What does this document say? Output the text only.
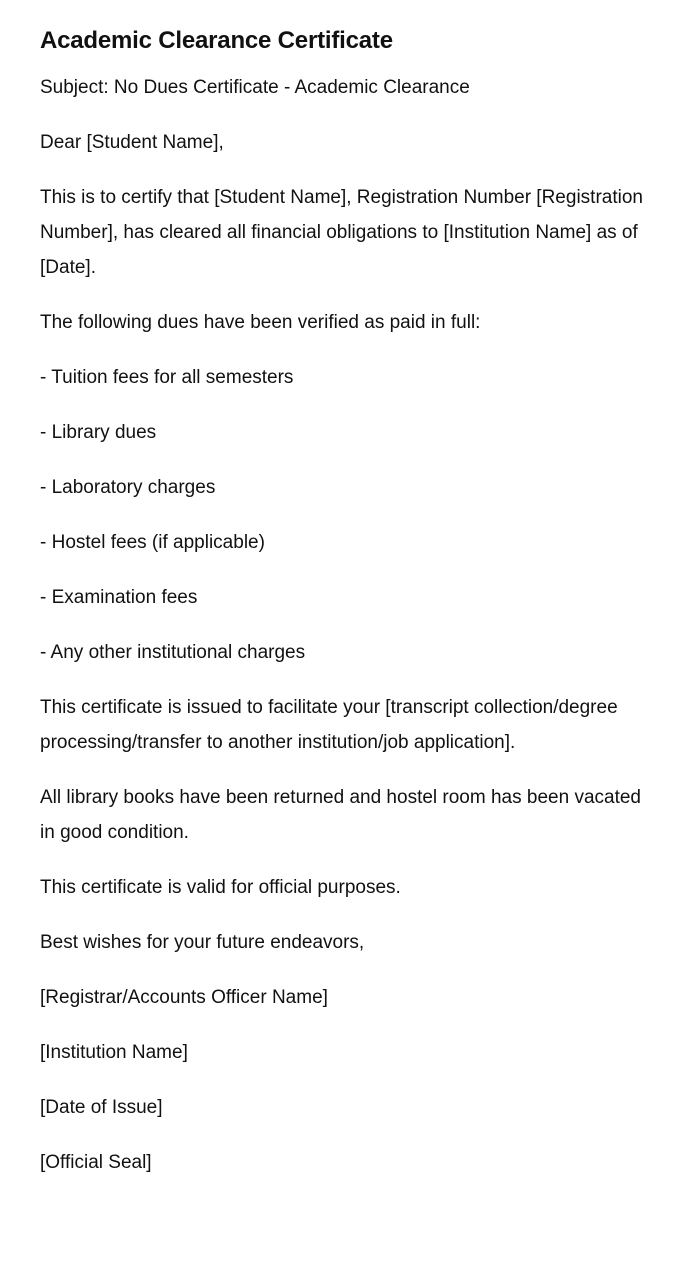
Academic Clearance Certificate

Subject: No Dues Certificate - Academic Clearance

Dear [Student Name],

This is to certify that [Student Name], Registration Number [Registration Number], has cleared all financial obligations to [Institution Name] as of [Date].

The following dues have been verified as paid in full:

- Tuition fees for all semesters

- Library dues

- Laboratory charges

- Hostel fees (if applicable)

- Examination fees

- Any other institutional charges

This certificate is issued to facilitate your [transcript collection/degree processing/transfer to another institution/job application].

All library books have been returned and hostel room has been vacated in good condition.

This certificate is valid for official purposes.

Best wishes for your future endeavors,

[Registrar/Accounts Officer Name]

[Institution Name]

[Date of Issue]

[Official Seal]
